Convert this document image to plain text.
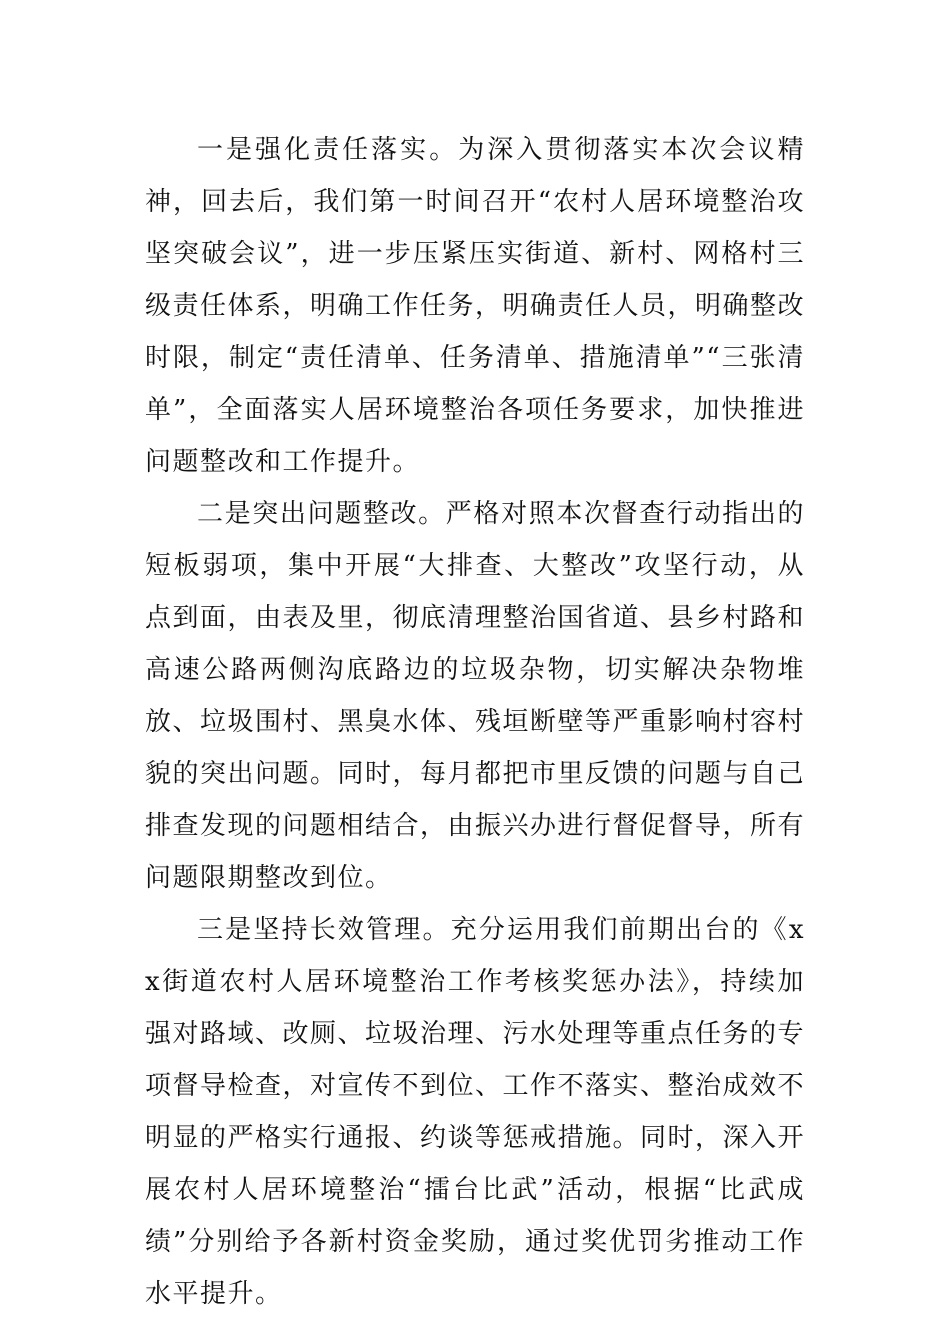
一是强化责任落实。为深入贯彻落实本次会议精神，回去后，我们第一时间召开“农村人居环境整治攻坚突破会议”，进一步压紧压实街道、新村、网格村三级责任体系，明确工作任务，明确责任人员，明确整改时限，制定“责任清单、任务清单、措施清单”“三张清单”，全面落实人居环境整治各项任务要求，加快推进问题整改和工作提升。

二是突出问题整改。严格对照本次督查行动指出的短板弱项，集中开展“大排查、大整改”攻坚行动，从点到面，由表及里，彻底清理整治国省道、县乡村路和高速公路两侧沟底路边的垃圾杂物，切实解决杂物堆放、垃圾围村、黑臭水体、残垣断壁等严重影响村容村貌的突出问题。同时，每月都把市里反馈的问题与自己排查发现的问题相结合，由振兴办进行督促督导，所有问题限期整改到位。

三是坚持长效管理。充分运用我们前期出台的《xx街道农村人居环境整治工作考核奖惩办法》，持续加强对路域、改厕、垃圾治理、污水处理等重点任务的专项督导检查，对宣传不到位、工作不落实、整治成效不明显的严格实行通报、约谈等惩戒措施。同时，深入开展农村人居环境整治“擂台比武”活动，根据“比武成绩”分别给予各新村资金奖励，通过奖优罚劣推动工作水平提升。
